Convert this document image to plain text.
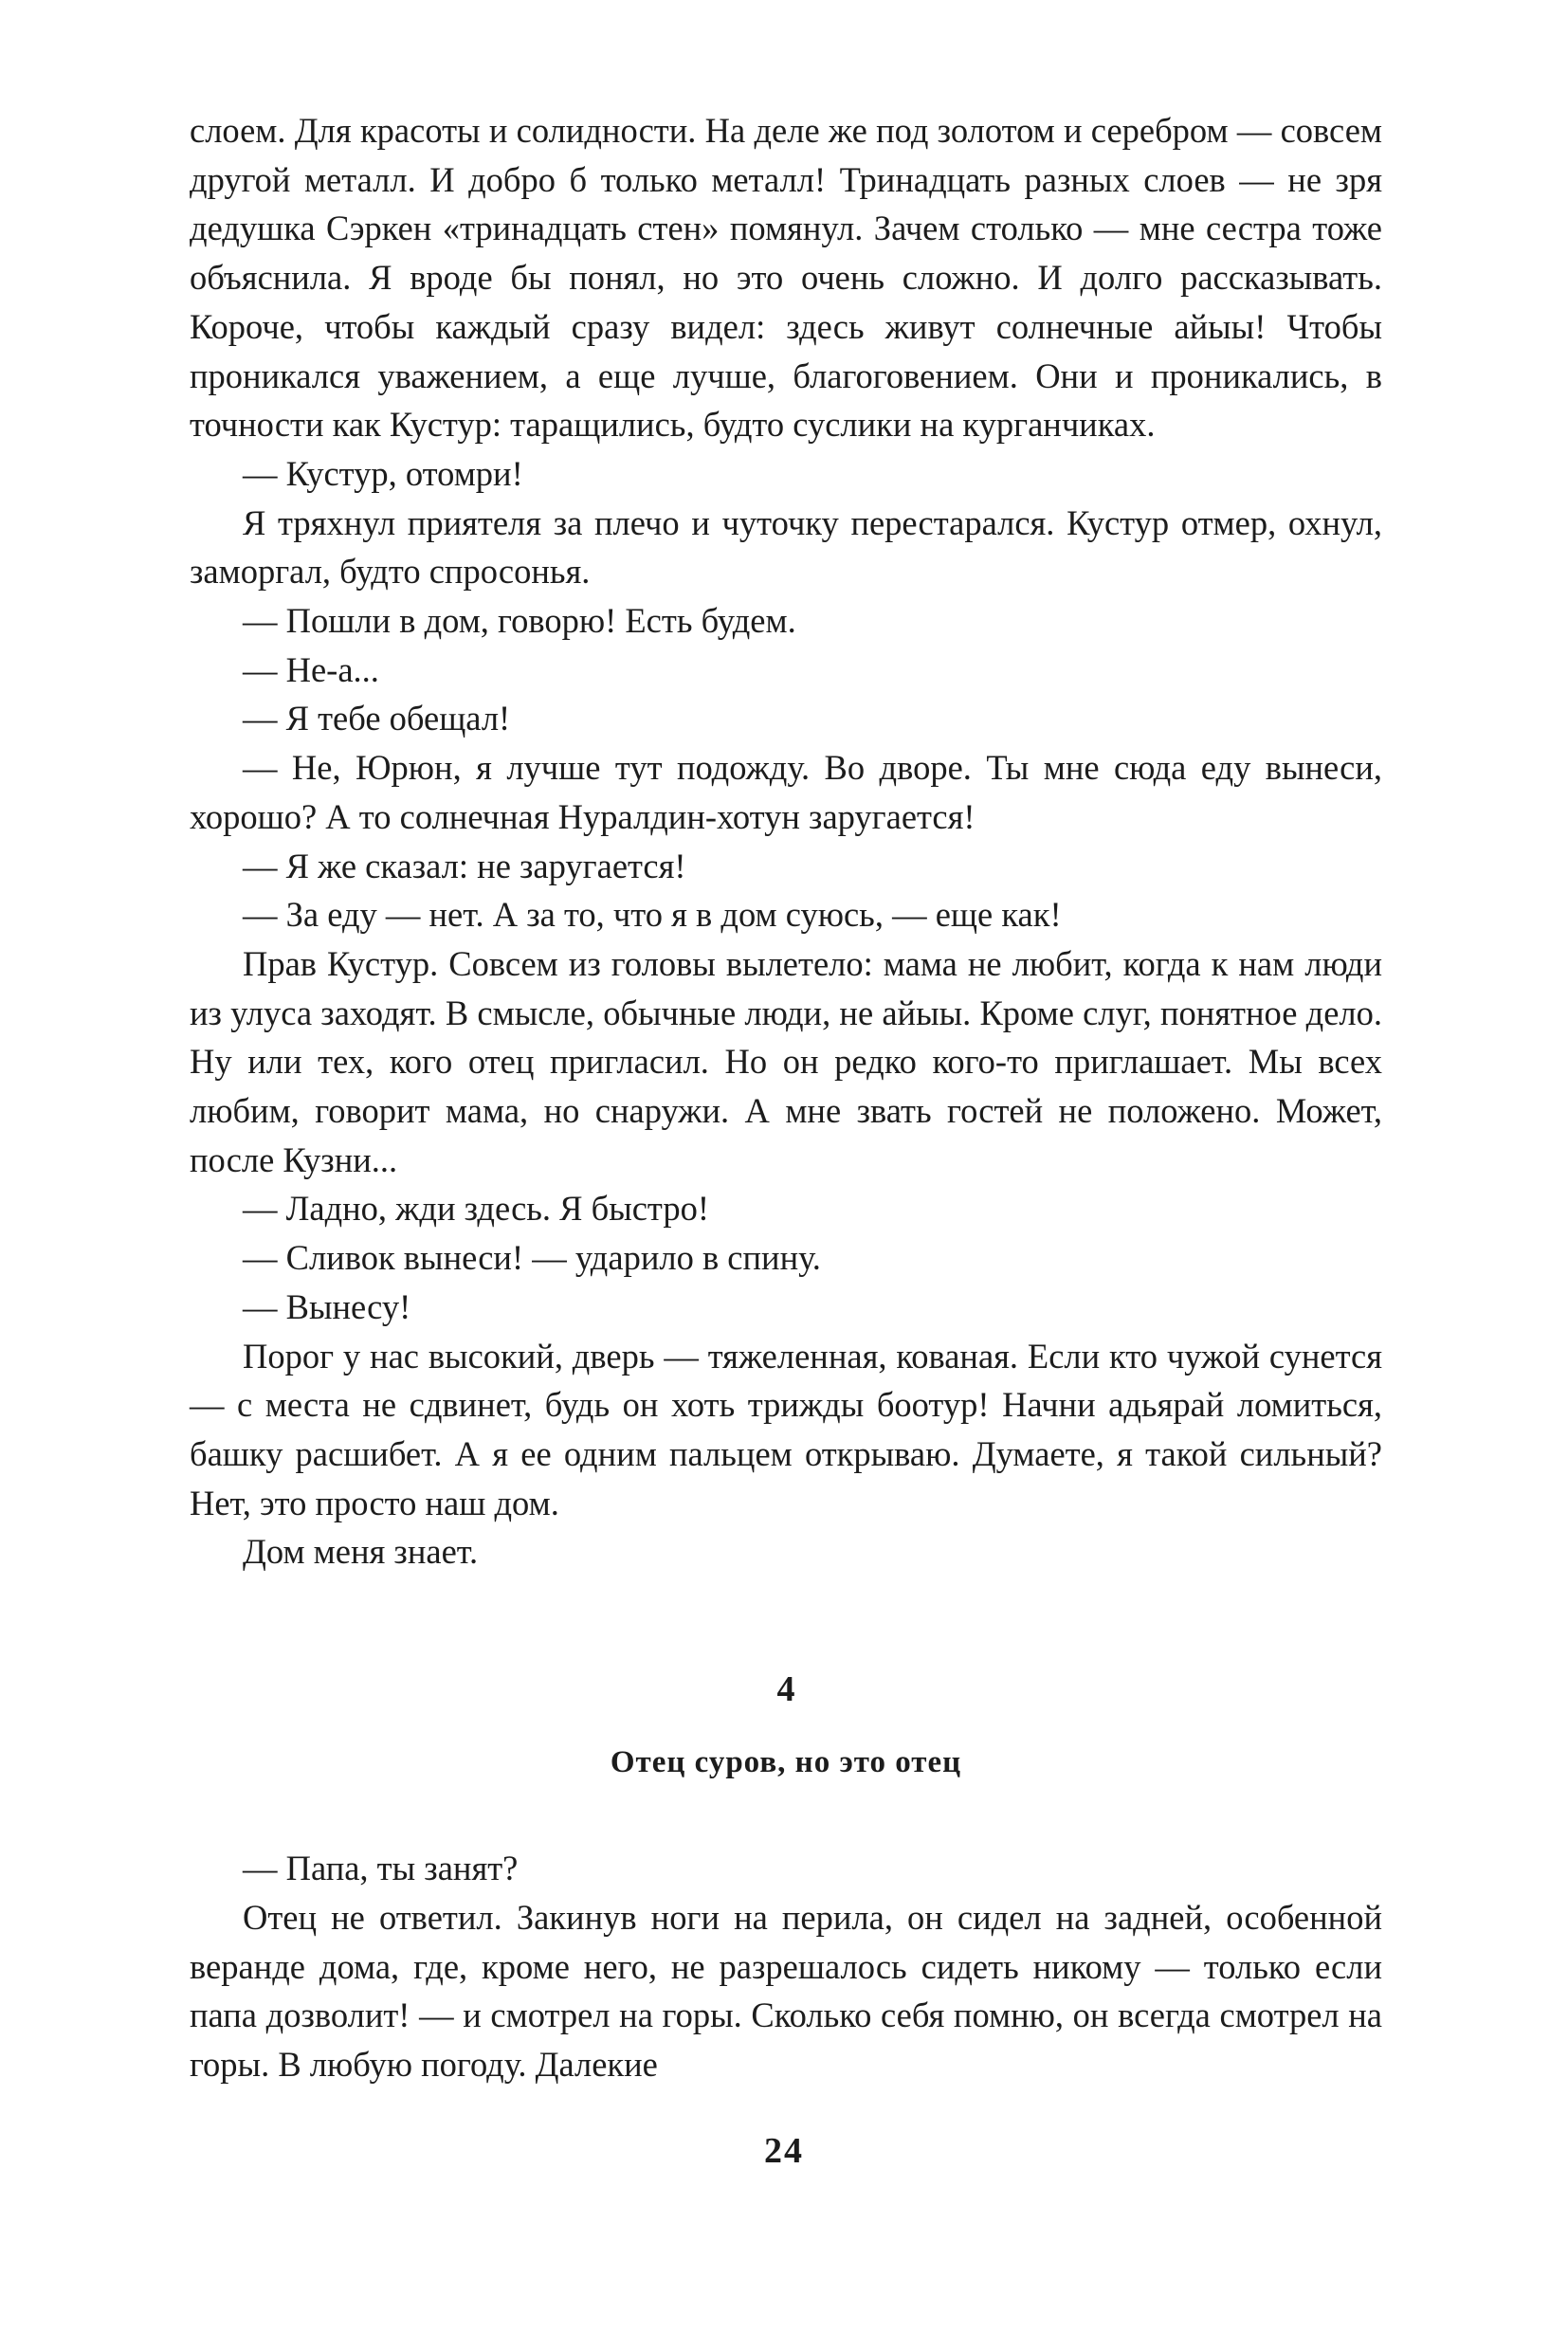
слоем. Для красоты и солидности. На деле же под золотом и серебром — совсем другой металл. И добро б только металл! Тринадцать разных слоев — не зря дедушка Сэркен «тринадцать стен» помянул. Зачем столько — мне сестра тоже объяснила. Я вроде бы понял, но это очень сложно. И долго рассказывать. Короче, чтобы каждый сразу видел: здесь живут солнечные айыы! Чтобы проникался уважением, а еще лучше, благоговением. Они и проникались, в точности как Кустур: таращились, будто суслики на курганчиках.

— Кустур, отомри!

Я тряхнул приятеля за плечо и чуточку перестарался. Кустур отмер, охнул, заморгал, будто спросонья.

— Пошли в дом, говорю! Есть будем.

— Не-а...

— Я тебе обещал!

— Не, Юрюн, я лучше тут подожду. Во дворе. Ты мне сюда еду вынеси, хорошо? А то солнечная Нуралдин-хотун заругается!

— Я же сказал: не заругается!

— За еду — нет. А за то, что я в дом суюсь, — еще как!

Прав Кустур. Совсем из головы вылетело: мама не любит, когда к нам люди из улуса заходят. В смысле, обычные люди, не айыы. Кроме слуг, понятное дело. Ну или тех, кого отец пригласил. Но он редко кого-то приглашает. Мы всех любим, говорит мама, но снаружи. А мне звать гостей не положено. Может, после Кузни...

— Ладно, жди здесь. Я быстро!

— Сливок вынеси! — ударило в спину.

— Вынесу!

Порог у нас высокий, дверь — тяжеленная, кованая. Если кто чужой сунется — с места не сдвинет, будь он хоть трижды боотур! Начни адьярай ломиться, башку расшибет. А я ее одним пальцем открываю. Думаете, я такой сильный? Нет, это просто наш дом.

Дом меня знает.

4
Отец суров, но это отец

— Папа, ты занят?

Отец не ответил. Закинув ноги на перила, он сидел на задней, особенной веранде дома, где, кроме него, не разрешалось сидеть никому — только если папа дозволит! — и смотрел на горы. Сколько себя помню, он всегда смотрел на горы. В любую погоду. Далекие

24
